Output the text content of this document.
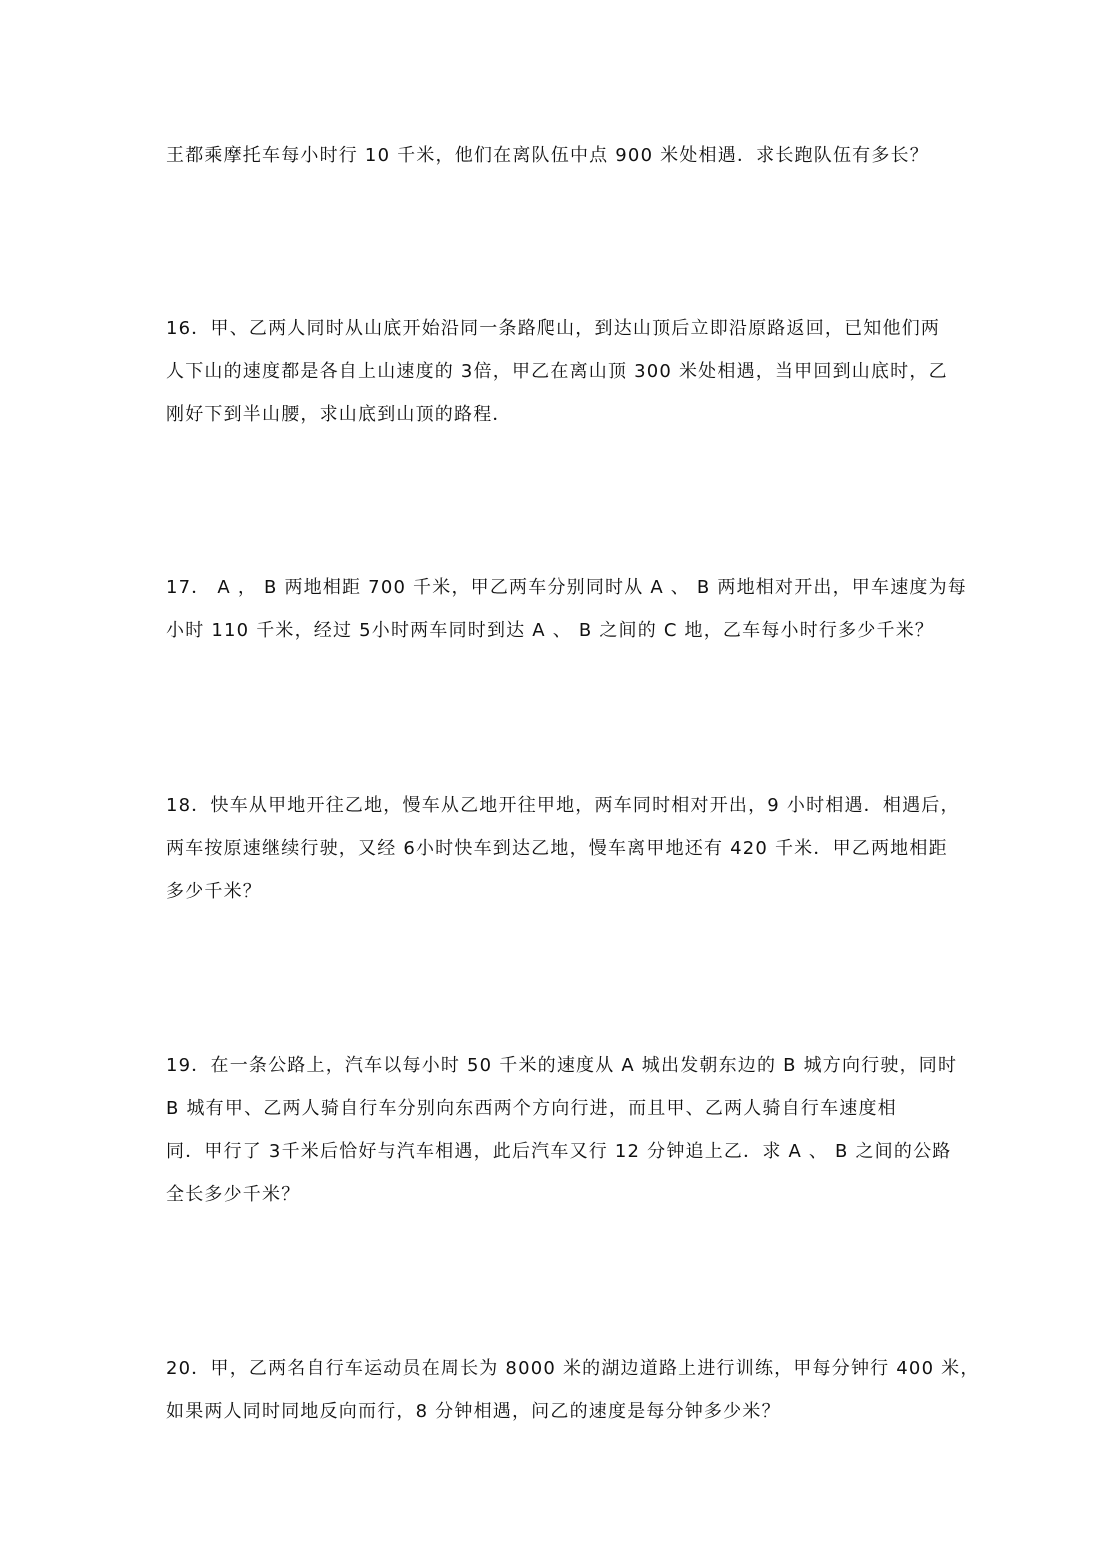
王都乘摩托车每小时行 10 千米，他们在离队伍中点 900 米处相遇．求长跑队伍有多长？
16．甲、乙两人同时从山底开始沿同一条路爬山，到达山顶后立即沿原路返回，已知他们两
人下山的速度都是各自上山速度的 3倍，甲乙在离山顶 300 米处相遇，当甲回到山底时，乙
刚好下到半山腰，求山底到山顶的路程．
17． A ， B 两地相距 700 千米，甲乙两车分别同时从 A 、 B 两地相对开出，甲车速度为每
小时 110 千米，经过 5小时两车同时到达 A 、 B 之间的 C 地，乙车每小时行多少千米？
18．快车从甲地开往乙地，慢车从乙地开往甲地，两车同时相对开出，9 小时相遇．相遇后，
两车按原速继续行驶，又经 6小时快车到达乙地，慢车离甲地还有 420 千米．甲乙两地相距
多少千米？
19．在一条公路上，汽车以每小时 50 千米的速度从 A 城出发朝东边的 B 城方向行驶，同时
B 城有甲、乙两人骑自行车分别向东西两个方向行进，而且甲、乙两人骑自行车速度相
同．甲行了 3千米后恰好与汽车相遇，此后汽车又行 12 分钟追上乙．求 A 、 B 之间的公路
全长多少千米？
20．甲，乙两名自行车运动员在周长为 8000 米的湖边道路上进行训练，甲每分钟行 400 米，
如果两人同时同地反向而行，8 分钟相遇，问乙的速度是每分钟多少米？
